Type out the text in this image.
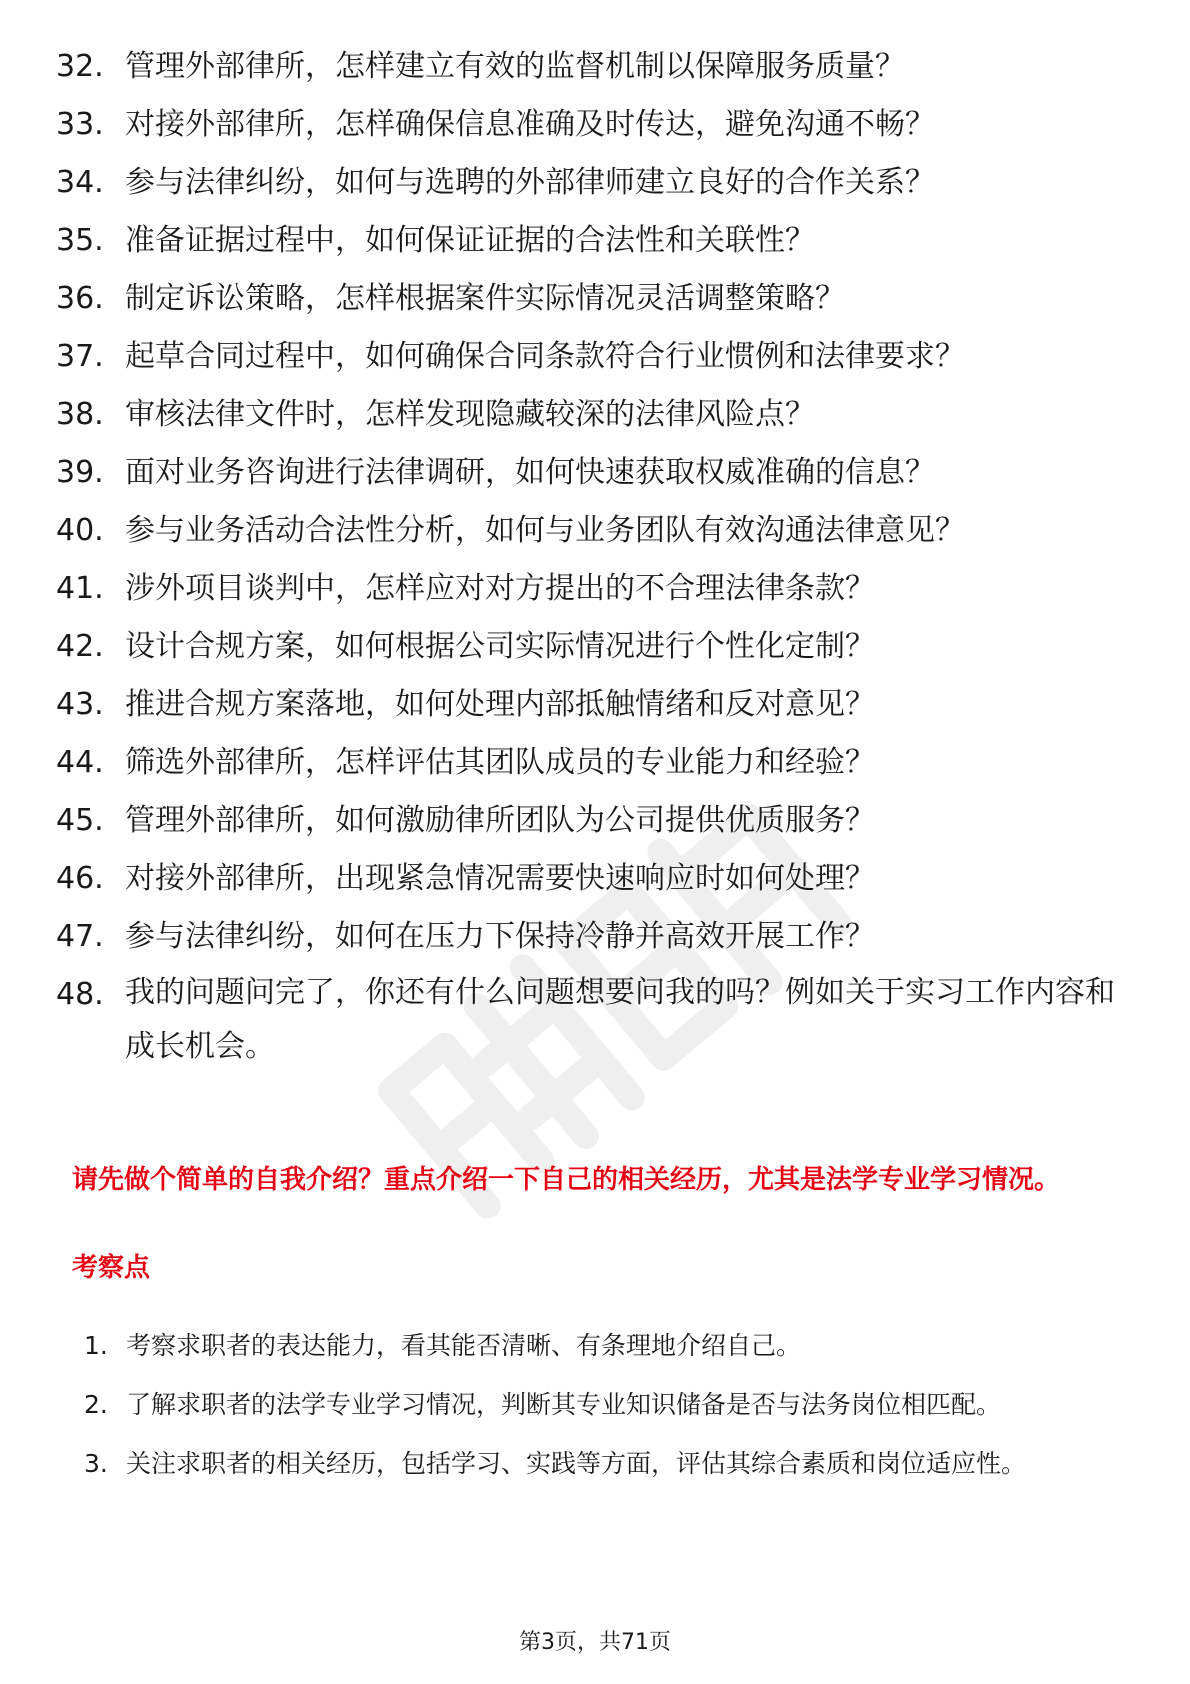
32. 管理外部律所，怎样建立有效的监督机制以保障服务质量？
33. 对接外部律所，怎样确保信息准确及时传达，避免沟通不畅？
34. 参与法律纠纷，如何与选聘的外部律师建立良好的合作关系？
35. 准备证据过程中，如何保证证据的合法性和关联性？
36. 制定诉讼策略，怎样根据案件实际情况灵活调整策略？
37. 起草合同过程中，如何确保合同条款符合行业惯例和法律要求？
38. 审核法律文件时，怎样发现隐藏较深的法律风险点？
39. 面对业务咨询进行法律调研，如何快速获取权威准确的信息？
40. 参与业务活动合法性分析，如何与业务团队有效沟通法律意见？
41. 涉外项目谈判中，怎样应对对方提出的不合理法律条款？
42. 设计合规方案，如何根据公司实际情况进行个性化定制？
43. 推进合规方案落地，如何处理内部抵触情绪和反对意见？
44. 筛选外部律所，怎样评估其团队成员的专业能力和经验？
45. 管理外部律所，如何激励律所团队为公司提供优质服务？
46. 对接外部律所，出现紧急情况需要快速响应时如何处理？
47. 参与法律纠纷，如何在压力下保持冷静并高效开展工作？
48. 我的问题问完了，你还有什么问题想要问我的吗？例如关于实习工作内容和成长机会。
请先做个简单的自我介绍？重点介绍一下自己的相关经历，尤其是法学专业学习情况。
考察点
1. 考察求职者的表达能力，看其能否清晰、有条理地介绍自己。
2. 了解求职者的法学专业学习情况，判断其专业知识储备是否与法务岗位相匹配。
3. 关注求职者的相关经历，包括学习、实践等方面，评估其综合素质和岗位适应性。
第3页，共71页
